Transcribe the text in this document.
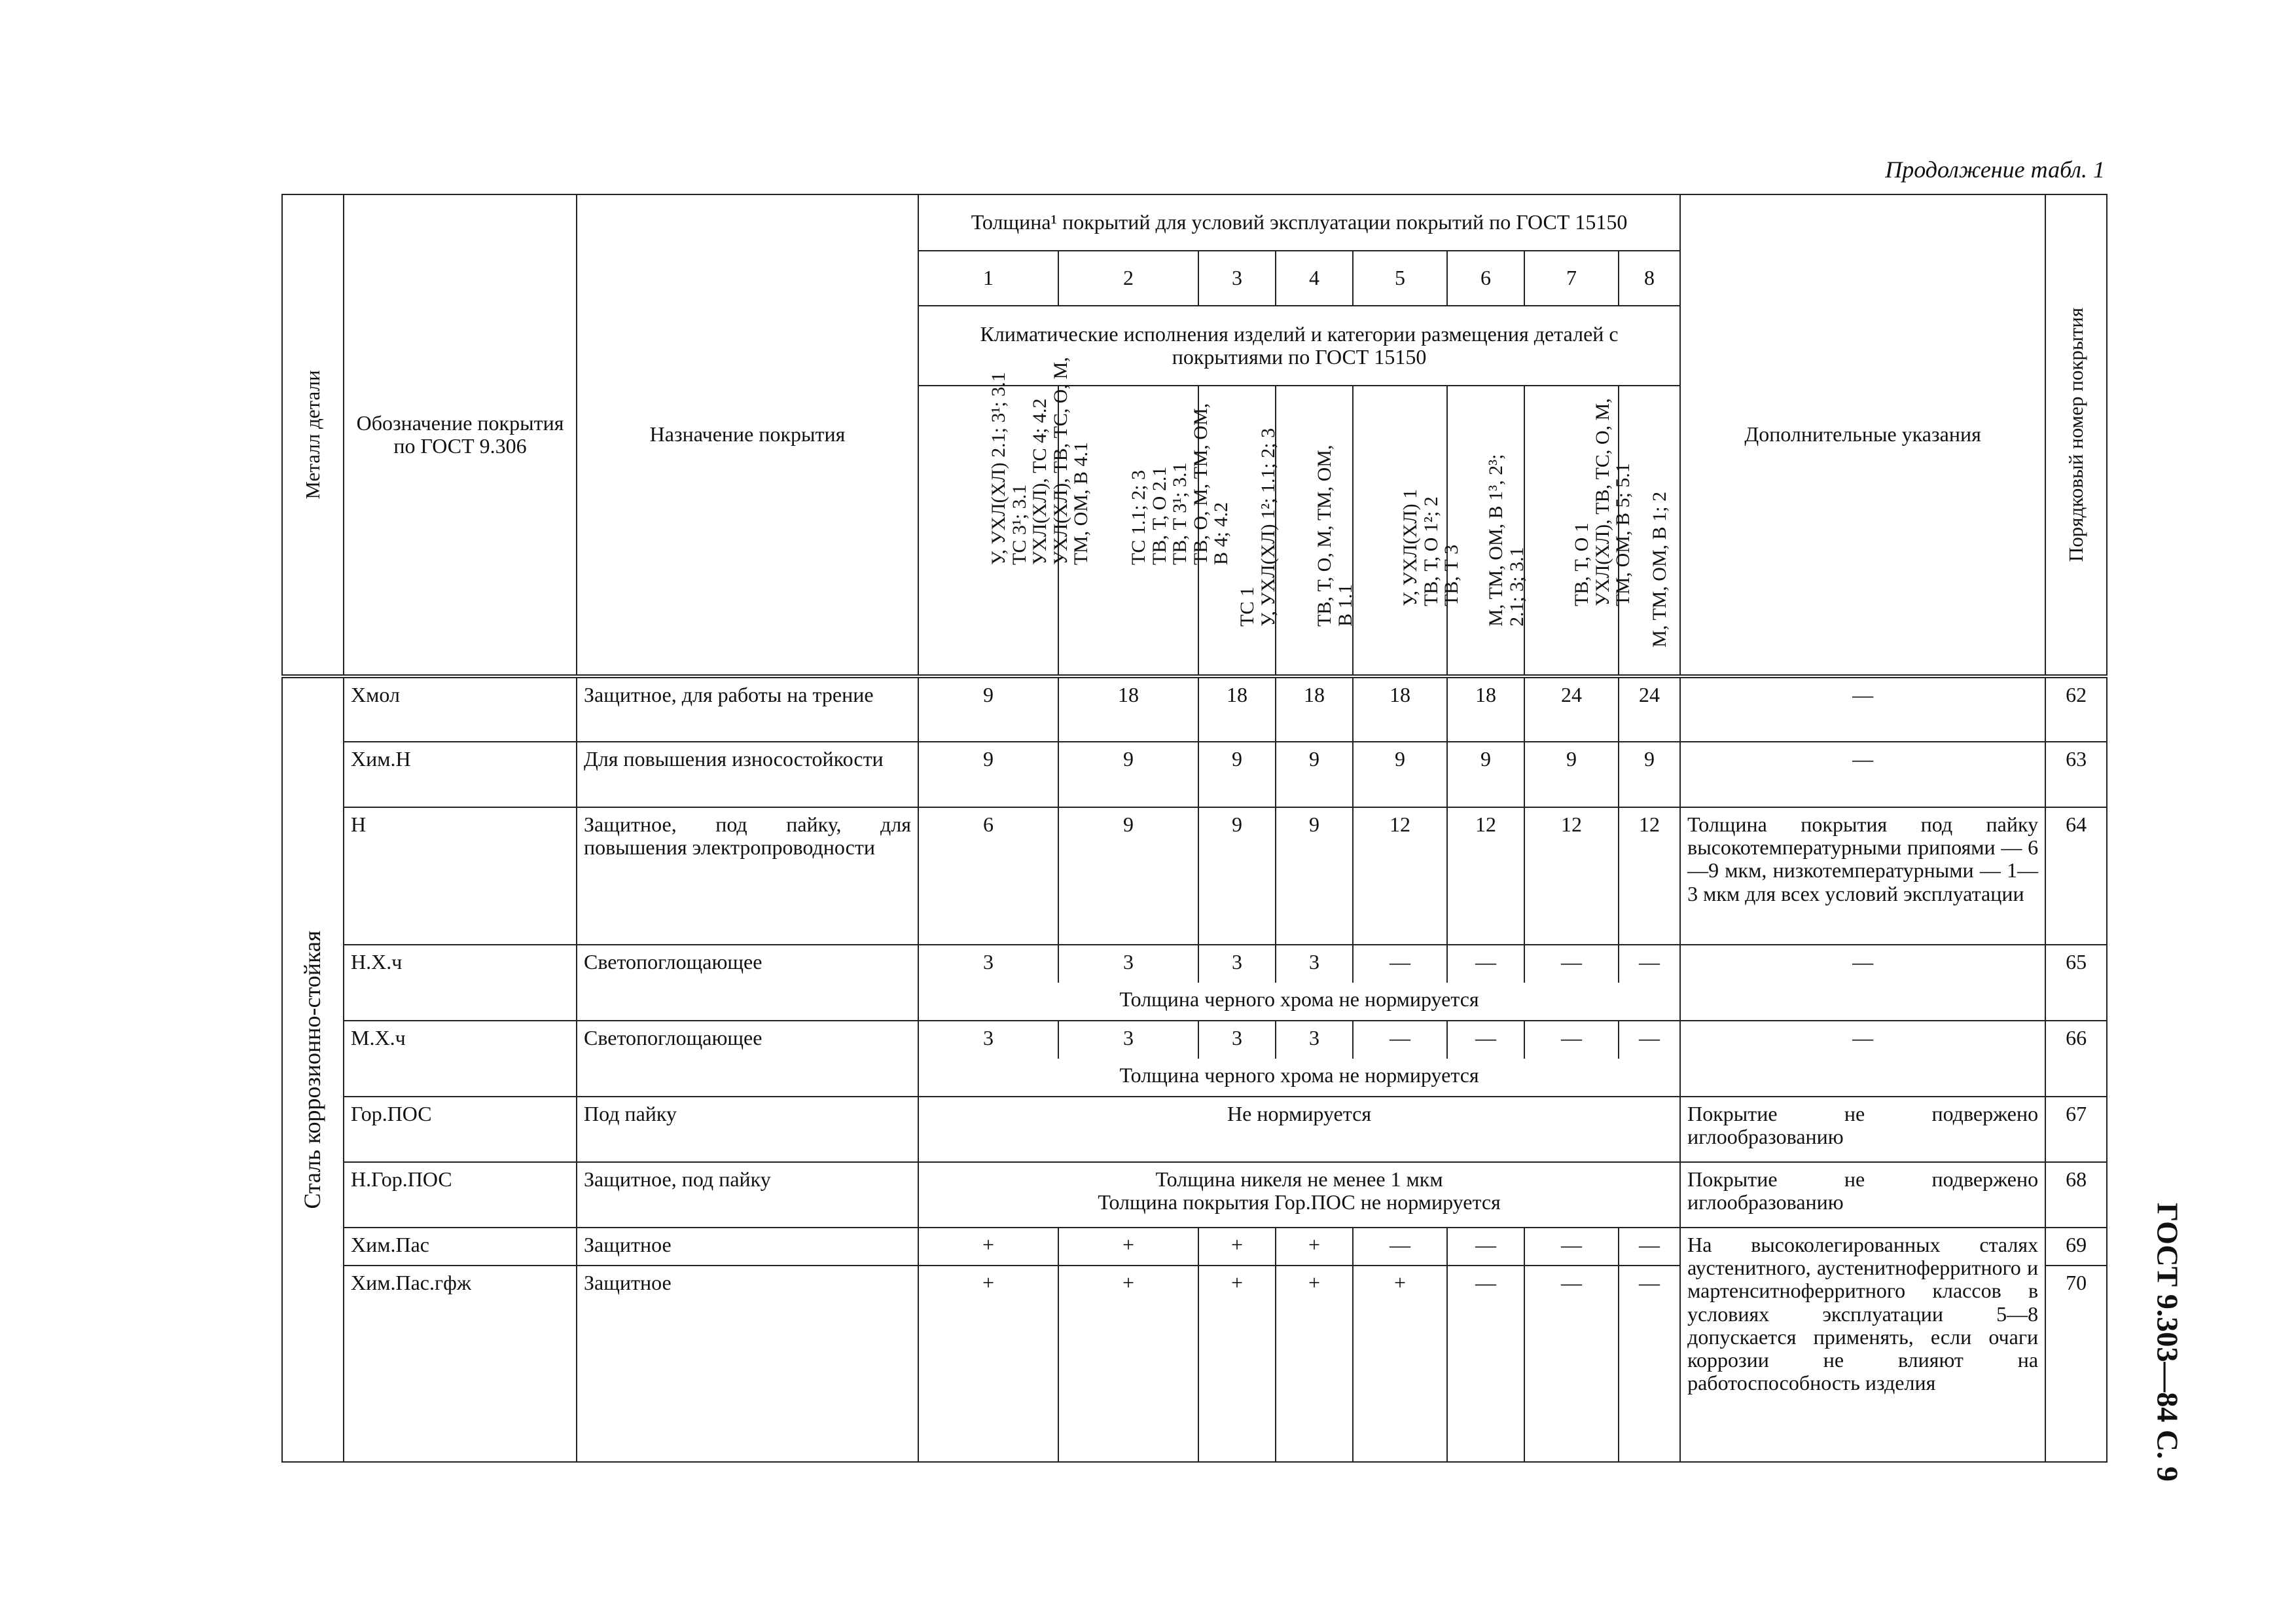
Продолжение табл. 1
ГОСТ 9.303—84 С. 9
Металл детали	Обозначение покрытия по ГОСТ 9.306	Назначение покрытия	Толщина¹ покрытий для условий эксплуатации покрытий по ГОСТ 15150								Дополнительные указания	Порядковый номер покрытия

			1	2	3	4	5	6	7	8		
			Климатические исполнения изделий и категории размещения деталей с покрытиями по ГОСТ 15150									

			У, УХЛ(ХЛ) 2.1; 3¹; 3.1
ТС 3¹; 3.1
УХЛ(ХЛ), ТС 4; 4.2
УХЛ(ХЛ), ТВ, ТС, О, М,
ТМ, ОМ, В 4.1	ТС 1.1; 2; 3
ТВ, Т, О 2.1
ТВ, Т 3¹; 3.1
ТВ, О, М, ТМ, ОМ,
В 4; 4.2	ТС 1
У, УХЛ(ХЛ) 1²; 1.1; 2; 3	ТВ, Т, О, М, ТМ, ОМ,
В 1.1	У, УХЛ(ХЛ) 1
ТВ, Т, О 1²; 2
ТВ, Т 3	М, ТМ, ОМ, В 1³, 2³;
2.1; 3; 3.1	ТВ, Т, О 1
УХЛ(ХЛ), ТВ, ТС, О, М,
ТМ, ОМ, В 5; 5.1	М, ТМ, ОМ, В 1; 2		

Сталь коррозионно-стойкая	Хмол	Защитное, для работы на трение	9	18	18	18	18	18	24	24	—	62
	Хим.Н	Для повышения износостойкости	9	9	9	9	9	9	9	9	—	63
	Н	Защитное, под пайку, для повышения электропроводности	6	9	9	9	12	12	12	12	Толщина покрытия под пайку высокотемпературными припоями — 6—9 мкм, низкотемпературными — 1—3 мкм для всех условий эксплуатации	64
	Н.Х.ч	Светопоглощающее	3	3	3	3	—	—	—	—	—	65
			Толщина черного хрома не нормируется									
	М.Х.ч	Светопоглощающее	3	3	3	3	—	—	—	—	—	66
			Толщина черного хрома не нормируется									
	Гор.ПОС	Под пайку	Не нормируется								Покрытие не подвержено иглообразованию	67
	Н.Гор.ПОС	Защитное, под пайку	Толщина никеля не менее 1 мкм
Толщина покрытия Гор.ПОС не нормируется								Покрытие не подвержено иглообразованию	68
	Хим.Пас	Защитное	+	+	+	+	—	—	—	—	На высоколегированных сталях аустенитного, аустенитноферритного и мартенситноферритного классов в условиях эксплуатации 5—8 допускается применять, если очаги коррозии не влияют на работоспособность изделия	69
	Хим.Пас.гфж	Защитное	+	+	+	+	+	—	—	—		70
